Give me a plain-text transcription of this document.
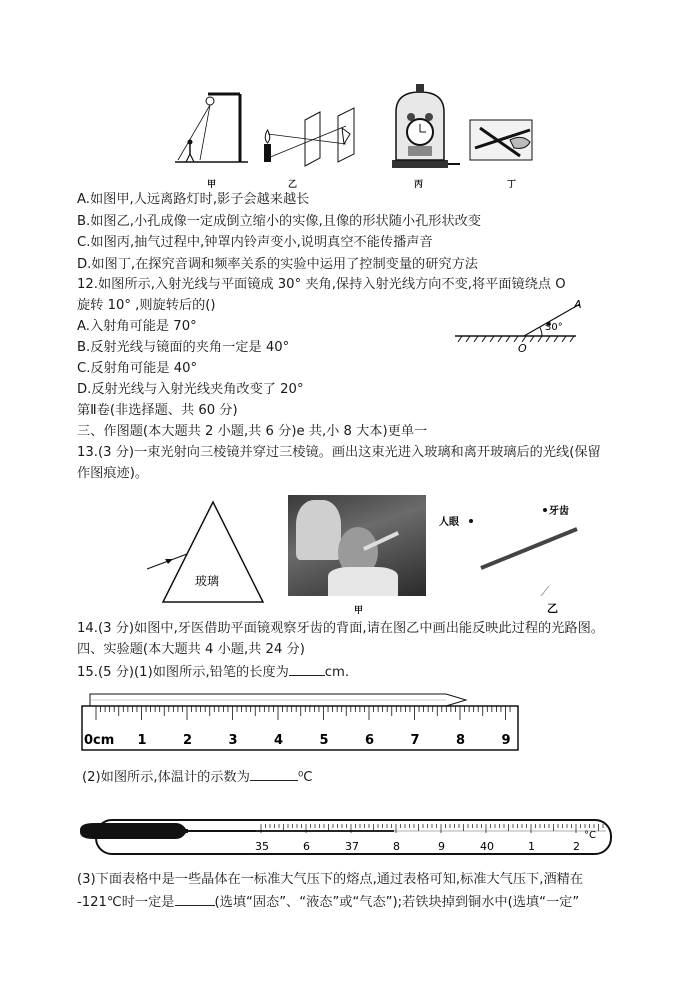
甲	乙	丙	丁
A.如图甲,人远离路灯时,影子会越来越长
B.如图乙,小孔成像一定成倒立缩小的实像,且像的形状随小孔形状改变
C.如图丙,抽气过程中,钟罩内铃声变小,说明真空不能传播声音
D.如图丁,在探究音调和频率关系的实验中运用了控制变量的研究方法
12.如图所示,入射光线与平面镜成 30° 夹角,保持入射光线方向不变,将平面镜绕点 O
旋转 10° ,则旋转后的()
A.入射角可能是 70°
B.反射光线与镜面的夹角一定是 40°
C.反射角可能是 40°
D.反射光线与入射光线夹角改变了 20°
A
O
30°
第Ⅱ卷(非选择题、共 60 分)
三、作图题(本大题共 2 小题,共 6 分)e 共,小 8 大本)更单一
13.(3 分)一束光射向三棱镜并穿过三棱镜。画出这束光进入玻璃和离开玻璃后的光线(保留
作图痕迹)。
玻璃
甲
人眼
牙齿
乙
14.(3 分)如图中,牙医借助平面镜观察牙齿的背面,请在图乙中画出能反映此过程的光路图。
四、实验题(本大题共 4 小题,共 24 分)
15.(5 分)(1)如图所示,铅笔的长度为	cm.
0cm 1	2	3	4	5	6	7	8	9
(2)如图所示,体温计的示数为	⁰C
35	6	37	8	9	40	1	2
°C
(3)下面表格中是一些晶体在一标准大气压下的熔点,通过表格可知,标准大气压下,酒精在
-121℃时一定是	(选填“固态”、“液态”或“气态”);若铁块掉到铜水中(选填“一定”
